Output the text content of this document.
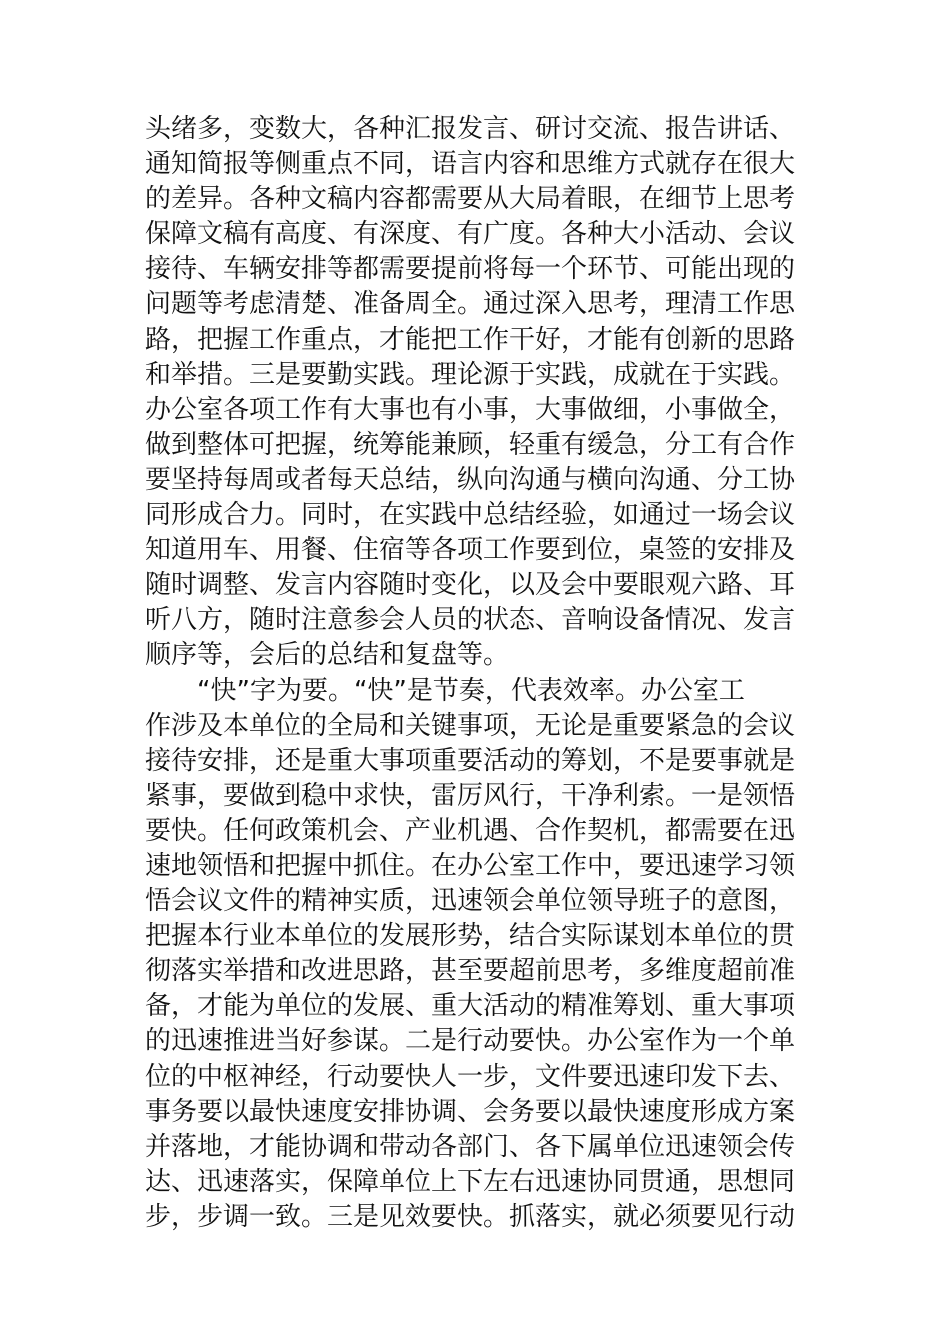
头绪多，变数大，各种汇报发言、研讨交流、报告讲话、
通知简报等侧重点不同，语言内容和思维方式就存在很大
的差异。各种文稿内容都需要从大局着眼，在细节上思考
保障文稿有高度、有深度、有广度。各种大小活动、会议
接待、车辆安排等都需要提前将每一个环节、可能出现的
问题等考虑清楚、准备周全。通过深入思考，理清工作思
路，把握工作重点，才能把工作干好，才能有创新的思路
和举措。三是要勤实践。理论源于实践，成就在于实践。
办公室各项工作有大事也有小事，大事做细，小事做全，
做到整体可把握，统筹能兼顾，轻重有缓急，分工有合作
要坚持每周或者每天总结，纵向沟通与横向沟通、分工协
同形成合力。同时，在实践中总结经验，如通过一场会议
知道用车、用餐、住宿等各项工作要到位，桌签的安排及
随时调整、发言内容随时变化，以及会中要眼观六路、耳
听八方，随时注意参会人员的状态、音响设备情况、发言
顺序等，会后的总结和复盘等。
　　“快”字为要。“快”是节奏，代表效率。办公室工
作涉及本单位的全局和关键事项，无论是重要紧急的会议
接待安排，还是重大事项重要活动的筹划，不是要事就是
紧事，要做到稳中求快，雷厉风行，干净利索。一是领悟
要快。任何政策机会、产业机遇、合作契机，都需要在迅
速地领悟和把握中抓住。在办公室工作中，要迅速学习领
悟会议文件的精神实质，迅速领会单位领导班子的意图，
把握本行业本单位的发展形势，结合实际谋划本单位的贯
彻落实举措和改进思路，甚至要超前思考，多维度超前准
备，才能为单位的发展、重大活动的精准筹划、重大事项
的迅速推进当好参谋。二是行动要快。办公室作为一个单
位的中枢神经，行动要快人一步，文件要迅速印发下去、
事务要以最快速度安排协调、会务要以最快速度形成方案
并落地，才能协调和带动各部门、各下属单位迅速领会传
达、迅速落实，保障单位上下左右迅速协同贯通，思想同
步，步调一致。三是见效要快。抓落实，就必须要见行动
